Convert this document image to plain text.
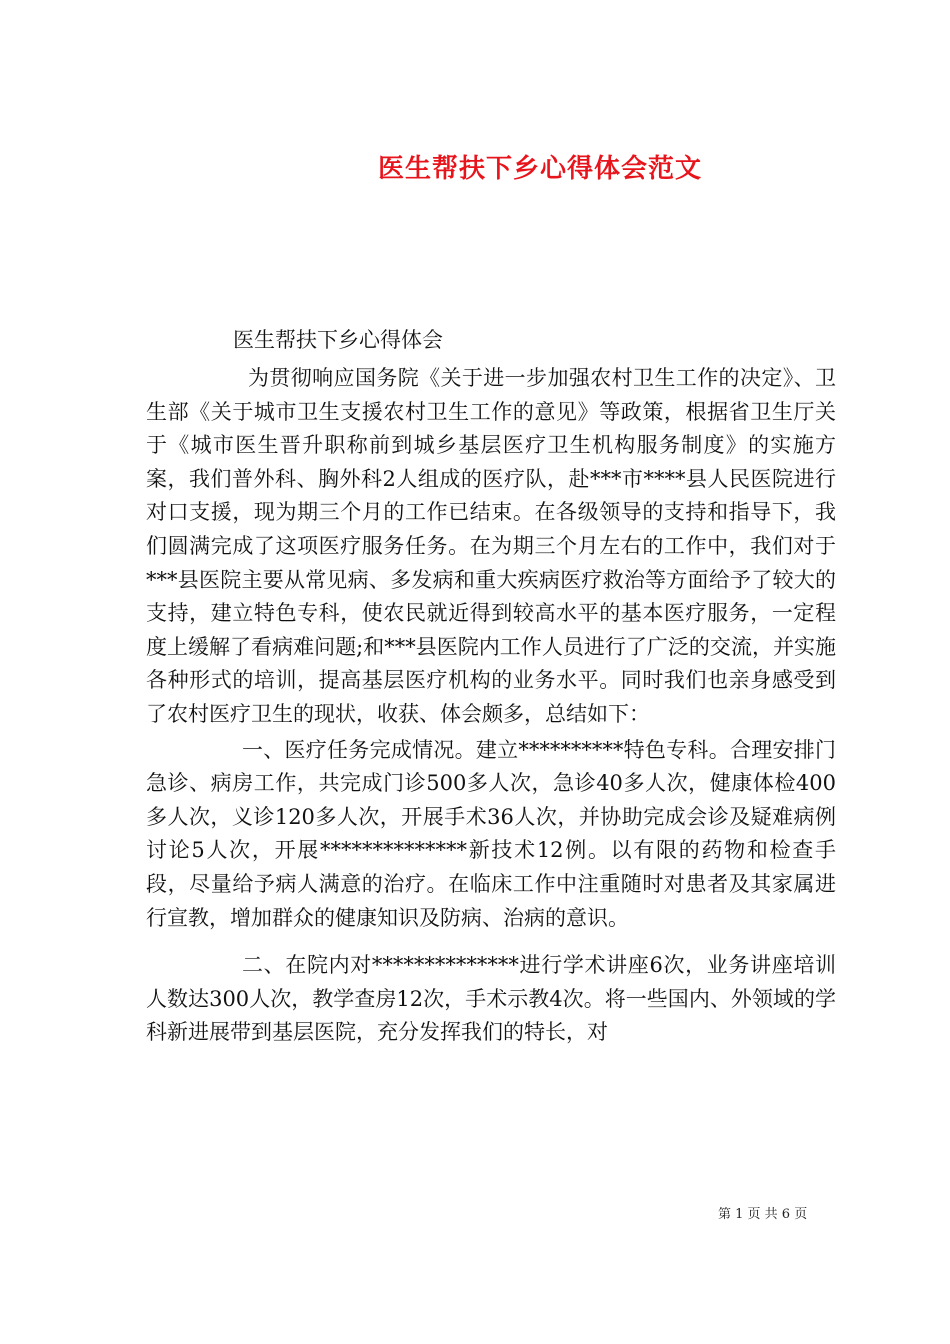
医生帮扶下乡心得体会范文
医生帮扶下乡心得体会

为贯彻响应国务院《关于进一步加强农村卫生工作的决定》、卫生部《关于城市卫生支援农村卫生工作的意见》等政策，根据省卫生厅关于《城市医生晋升职称前到城乡基层医疗卫生机构服务制度》的实施方案，我们普外科、胸外科2人组成的医疗队，赴***市****县人民医院进行对口支援，现为期三个月的工作已结束。在各级领导的支持和指导下，我们圆满完成了这项医疗服务任务。在为期三个月左右的工作中，我们对于***县医院主要从常见病、多发病和重大疾病医疗救治等方面给予了较大的支持，建立特色专科，使农民就近得到较高水平的基本医疗服务，一定程度上缓解了看病难问题;和***县医院内工作人员进行了广泛的交流，并实施各种形式的培训，提高基层医疗机构的业务水平。同时我们也亲身感受到了农村医疗卫生的现状，收获、体会颇多，总结如下：

一、医疗任务完成情况。建立**********特色专科。合理安排门急诊、病房工作，共完成门诊500多人次，急诊40多人次，健康体检400多人次，义诊120多人次，开展手术36人次，并协助完成会诊及疑难病例讨论5人次，开展**************新技术12例。以有限的药物和检查手段，尽量给予病人满意的治疗。在临床工作中注重随时对患者及其家属进行宣教，增加群众的健康知识及防病、治病的意识。

二、在院内对**************进行学术讲座6次，业务讲座培训人数达300人次，教学查房12次，手术示教4次。将一些国内、外领域的学科新进展带到基层医院，充分发挥我们的特长，对

第 1 页 共 6 页
